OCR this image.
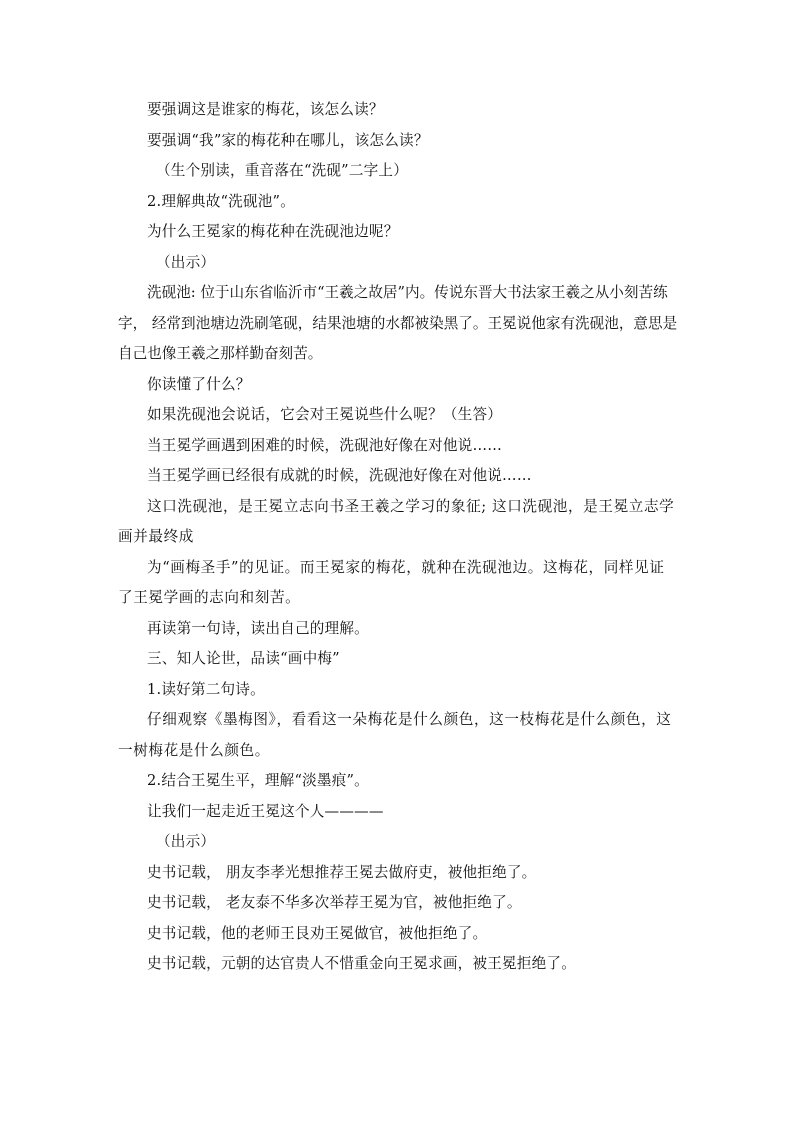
要强调这是谁家的梅花，该怎么读？

要强调“我”家的梅花种在哪儿，该怎么读？

（生个别读，重音落在“洗砚”二字上）

2.理解典故“洗砚池”。

为什么王冕家的梅花种在洗砚池边呢？

（出示）

洗砚池: 位于山东省临沂市“王羲之故居”内。传说东晋大书法家王羲之从小刻苦练字， 经常到池塘边洗刷笔砚，结果池塘的水都被染黑了。王冕说他家有洗砚池，意思是自己也像王羲之那样勤奋刻苦。

你读懂了什么？

如果洗砚池会说话，它会对王冕说些什么呢？（生答）

当王冕学画遇到困难的时候，洗砚池好像在对他说……

当王冕学画已经很有成就的时候，洗砚池好像在对他说……

这口洗砚池，是王冕立志向书圣王羲之学习的象征; 这口洗砚池，是王冕立志学画并最终成

为“画梅圣手”的见证。而王冕家的梅花，就种在洗砚池边。这梅花，同样见证了王冕学画的志向和刻苦。

再读第一句诗，读出自己的理解。

三、知人论世，品读“画中梅”

1.读好第二句诗。

仔细观察《墨梅图》，看看这一朵梅花是什么颜色，这一枝梅花是什么颜色，这一树梅花是什么颜色。

2.结合王冕生平，理解“淡墨痕”。

让我们一起走近王冕这个人————

（出示）

史书记载， 朋友李孝光想推荐王冕去做府吏，被他拒绝了。

史书记载， 老友泰不华多次举荐王冕为官，被他拒绝了。

史书记载，他的老师王艮劝王冕做官，被他拒绝了。

史书记载，元朝的达官贵人不惜重金向王冕求画，被王冕拒绝了。
